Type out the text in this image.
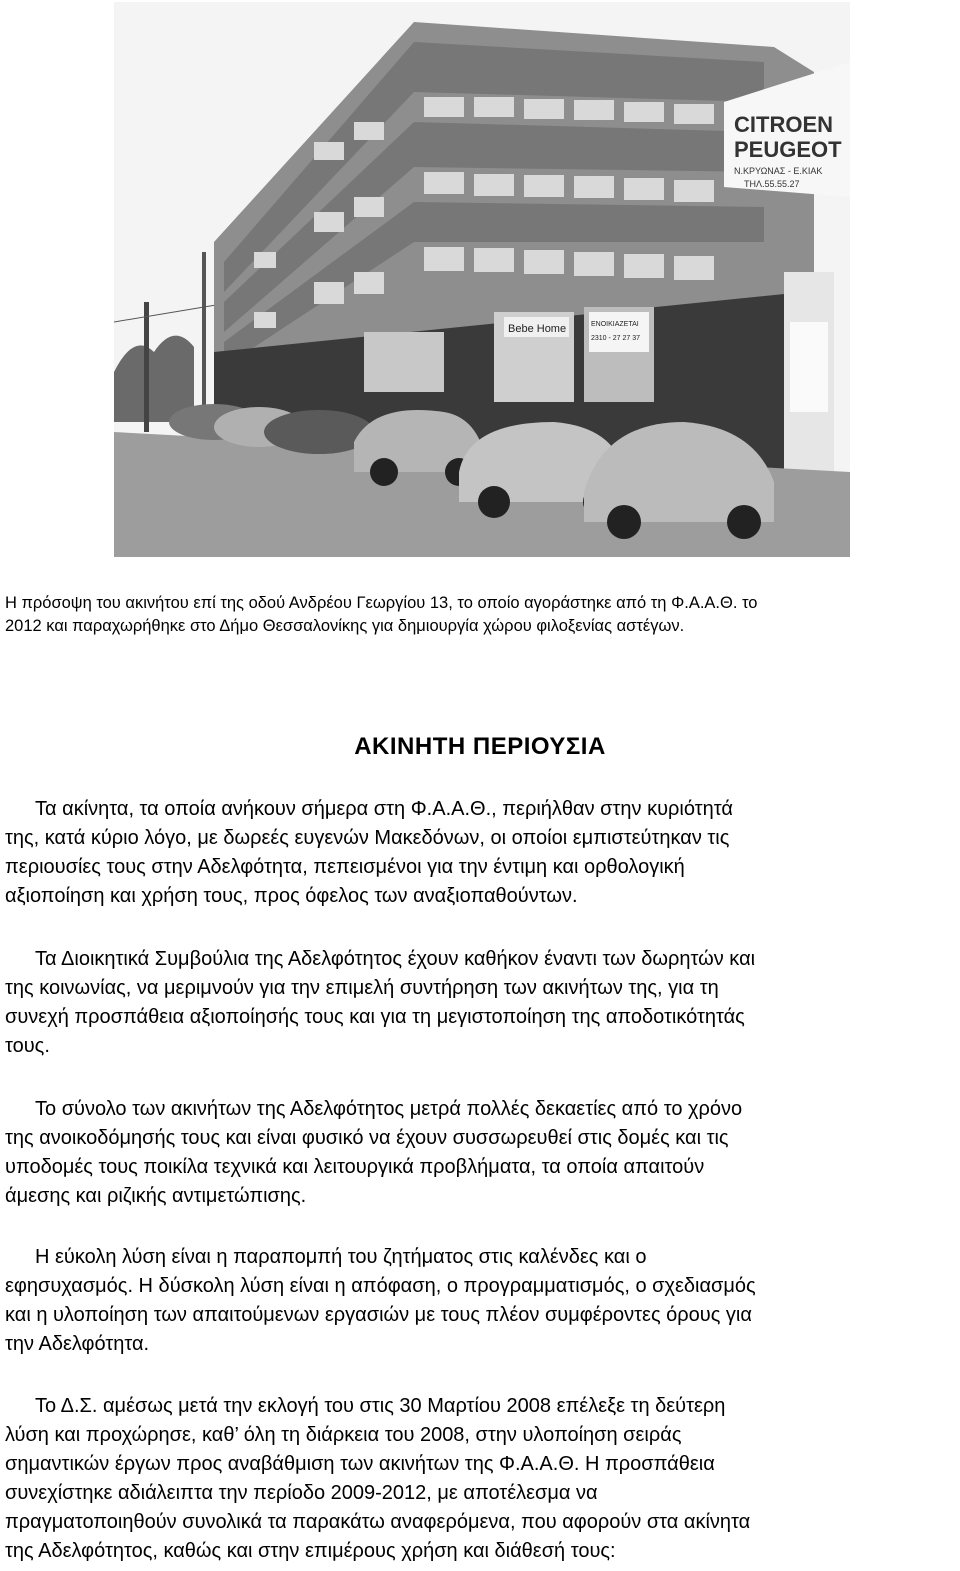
Bebe Home	ΕΝΟΙΚΙΑΖΕΤΑΙ
2310 - 27 27 37
CITROEN
PEUGEOT
N.ΚΡΥΩΝΑΣ - Ε.ΚΙΑΚ
ΤΗΛ.55.55.27
Η πρόσοψη του ακινήτου επί της οδού Ανδρέου Γεωργίου 13, το οποίο αγοράστηκε από τη Φ.Α.Α.Θ. το
2012 και παραχωρήθηκε στο Δήμο Θεσσαλονίκης για δημιουργία χώρου φιλοξενίας αστέγων.
ΑΚΙΝΗΤΗ ΠΕΡΙΟΥΣΙΑ
Τα ακίνητα, τα οποία ανήκουν σήμερα στη Φ.Α.Α.Θ., περιήλθαν στην κυριότητά
της, κατά κύριο λόγο, με δωρεές ευγενών Μακεδόνων, οι οποίοι εμπιστεύτηκαν τις
περιουσίες τους στην Αδελφότητα, πεπεισμένοι για την έντιμη και ορθολογική
αξιοποίηση και χρήση τους, προς όφελος των αναξιοπαθούντων.
Τα Διοικητικά Συμβούλια της Αδελφότητος έχουν καθήκον έναντι των δωρητών και
της κοινωνίας, να μεριμνούν για την επιμελή συντήρηση των ακινήτων της, για τη
συνεχή προσπάθεια αξιοποίησής τους και για τη μεγιστοποίηση της αποδοτικότητάς
τους.
Το σύνολο των ακινήτων της Αδελφότητος μετρά πολλές δεκαετίες από το χρόνο
της ανοικοδόμησής τους και είναι φυσικό να έχουν συσσωρευθεί στις δομές και τις
υποδομές τους ποικίλα τεχνικά και λειτουργικά προβλήματα, τα οποία απαιτούν
άμεσης και ριζικής αντιμετώπισης.
Η εύκολη λύση είναι η παραπομπή του ζητήματος στις καλένδες και ο
εφησυχασμός. Η δύσκολη λύση είναι η απόφαση, ο προγραμματισμός, ο σχεδιασμός
και η υλοποίηση των απαιτούμενων εργασιών με τους πλέον συμφέροντες όρους για
την Αδελφότητα.
Το Δ.Σ. αμέσως μετά την εκλογή του στις 30 Μαρτίου 2008 επέλεξε τη δεύτερη
λύση και προχώρησε, καθ’ όλη τη διάρκεια του 2008, στην υλοποίηση σειράς
σημαντικών έργων προς αναβάθμιση των ακινήτων της Φ.Α.Α.Θ. Η προσπάθεια
συνεχίστηκε αδιάλειπτα την περίοδο 2009-2012, με αποτέλεσμα να
πραγματοποιηθούν συνολικά τα παρακάτω αναφερόμενα, που αφορούν στα ακίνητα
της Αδελφότητος, καθώς και στην επιμέρους χρήση και διάθεσή τους:
